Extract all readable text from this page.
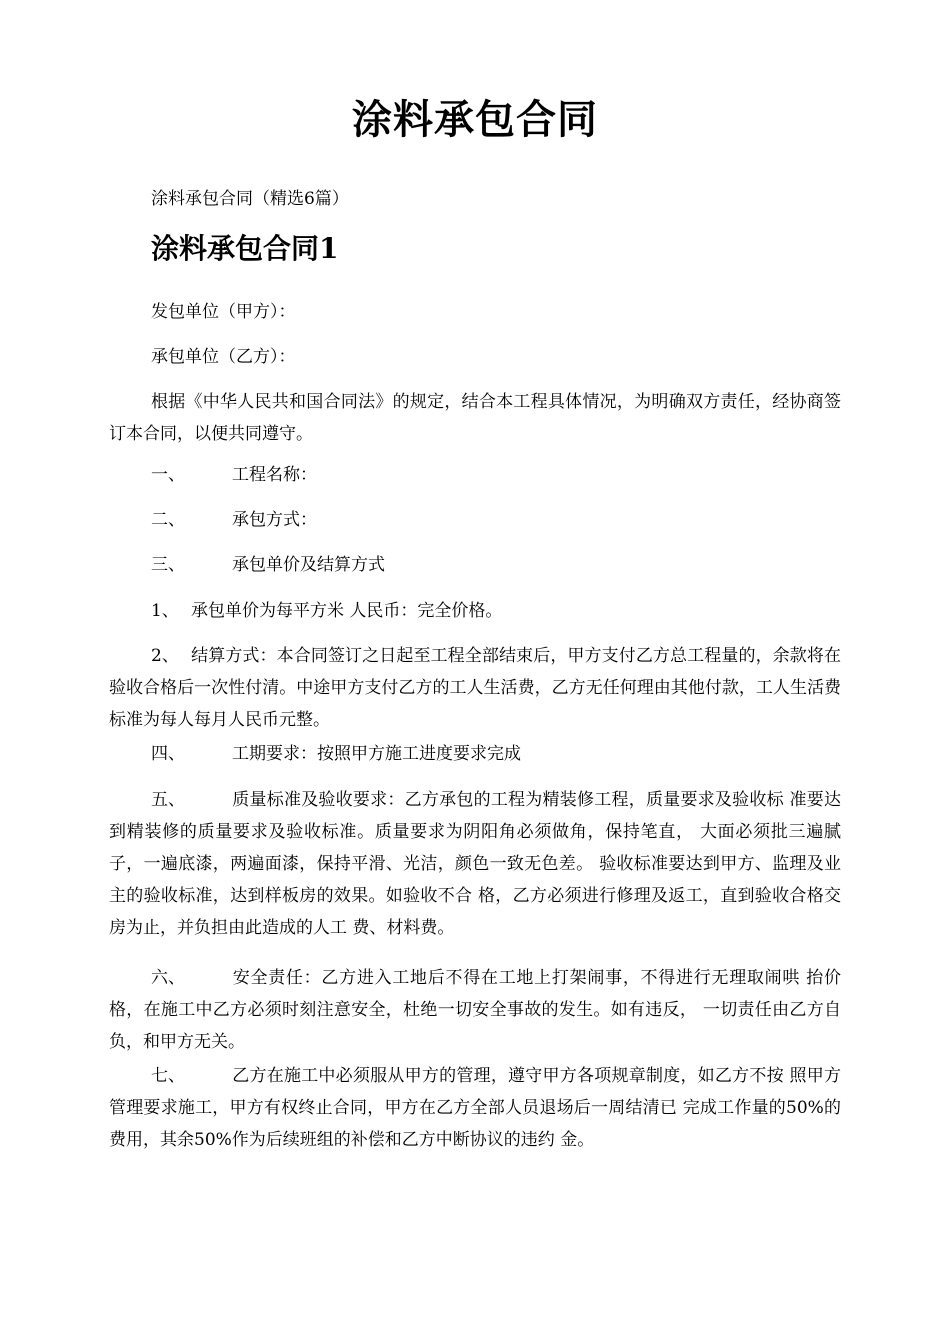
涂料承包合同

涂料承包合同（精选6篇）

涂料承包合同1

发包单位（甲方）：

承包单位（乙方）：

根据《中华人民共和国合同法》的规定，结合本工程具体情况，为明确双方责任，经协商签订本合同，以便共同遵守。

一、	工程名称：

二、	承包方式：

三、	承包单价及结算方式

1、 承包单价为每平方米 人民币：完全价格。

2、 结算方式：本合同签订之日起至工程全部结束后，甲方支付乙方总工程量的，余款将在验收合格后一次性付清。中途甲方支付乙方的工人生活费，乙方无任何理由其他付款，工人生活费标准为每人每月人民币元整。

四、	工期要求：按照甲方施工进度要求完成

五、	质量标准及验收要求：乙方承包的工程为精装修工程，质量要求及验收标 准要达到精装修的质量要求及验收标准。质量要求为阴阳角必须做角，保持笔直， 大面必须批三遍腻子，一遍底漆，两遍面漆，保持平滑、光洁，颜色一致无色差。 验收标准要达到甲方、监理及业主的验收标准，达到样板房的效果。如验收不合 格，乙方必须进行修理及返工，直到验收合格交房为止，并负担由此造成的人工 费、材料费。

六、	安全责任：乙方进入工地后不得在工地上打架闹事，不得进行无理取闹哄 抬价格，在施工中乙方必须时刻注意安全，杜绝一切安全事故的发生。如有违反， 一切责任由乙方自负，和甲方无关。

七、	乙方在施工中必须服从甲方的管理，遵守甲方各项规章制度，如乙方不按 照甲方管理要求施工，甲方有权终止合同，甲方在乙方全部人员退场后一周结清已 完成工作量的50%的费用，其余50%作为后续班组的补偿和乙方中断协议的违约 金。
